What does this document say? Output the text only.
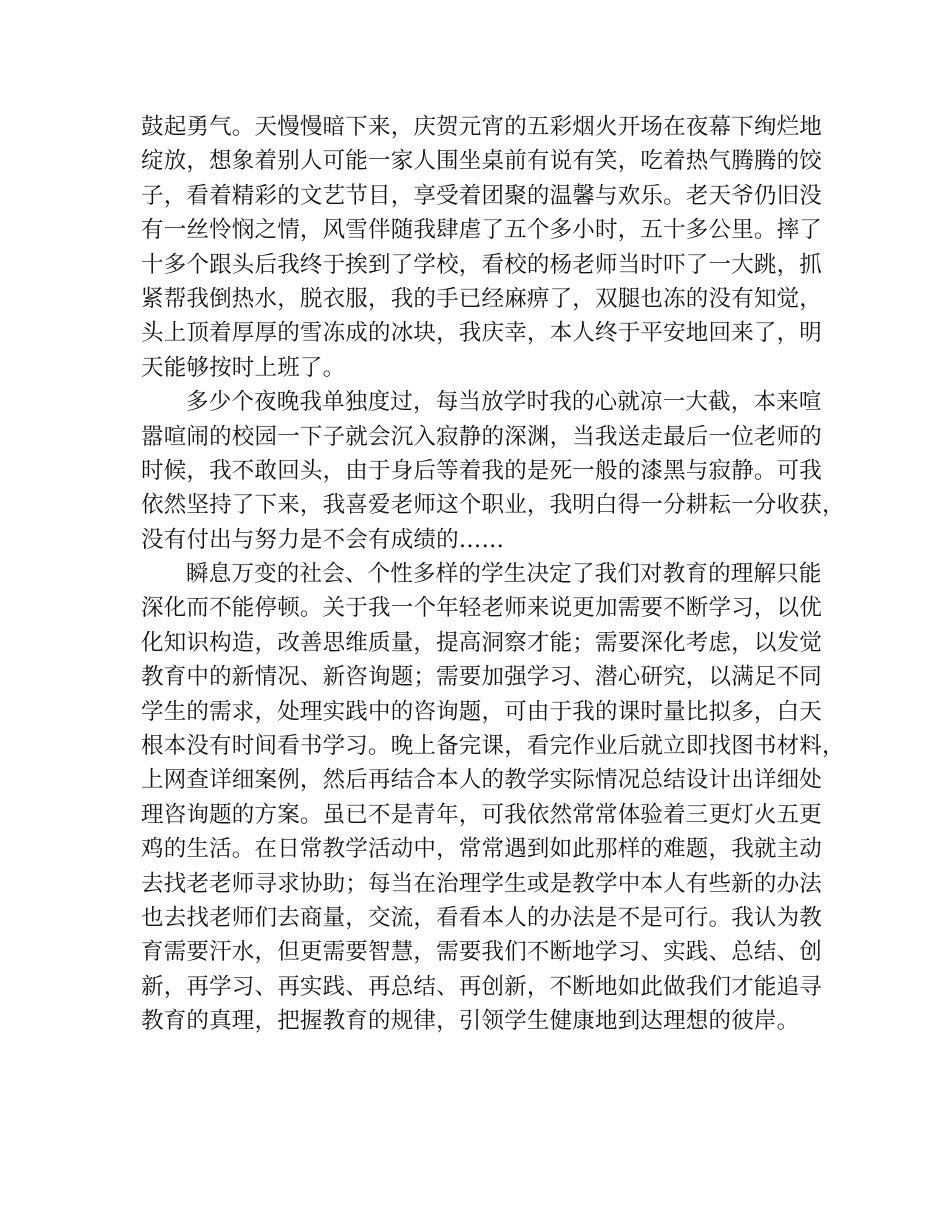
鼓起勇气。天慢慢暗下来，庆贺元宵的五彩烟火开场在夜幕下绚烂地
绽放，想象着别人可能一家人围坐桌前有说有笑，吃着热气腾腾的饺
子，看着精彩的文艺节目，享受着团聚的温馨与欢乐。老天爷仍旧没
有一丝怜悯之情，风雪伴随我肆虐了五个多小时，五十多公里。摔了
十多个跟头后我终于挨到了学校，看校的杨老师当时吓了一大跳，抓
紧帮我倒热水，脱衣服，我的手已经麻痹了，双腿也冻的没有知觉，
头上顶着厚厚的雪冻成的冰块，我庆幸，本人终于平安地回来了，明
天能够按时上班了。
多少个夜晚我单独度过，每当放学时我的心就凉一大截，本来喧
嚣喧闹的校园一下子就会沉入寂静的深渊，当我送走最后一位老师的
时候，我不敢回头，由于身后等着我的是死一般的漆黑与寂静。可我
依然坚持了下来，我喜爱老师这个职业，我明白得一分耕耘一分收获，
没有付出与努力是不会有成绩的……
瞬息万变的社会、个性多样的学生决定了我们对教育的理解只能
深化而不能停顿。关于我一个年轻老师来说更加需要不断学习，以优
化知识构造，改善思维质量，提高洞察才能；需要深化考虑，以发觉
教育中的新情况、新咨询题；需要加强学习、潜心研究，以满足不同
学生的需求，处理实践中的咨询题，可由于我的课时量比拟多，白天
根本没有时间看书学习。晚上备完课，看完作业后就立即找图书材料，
上网查详细案例，然后再结合本人的教学实际情况总结设计出详细处
理咨询题的方案。虽已不是青年，可我依然常常体验着三更灯火五更
鸡的生活。在日常教学活动中，常常遇到如此那样的难题，我就主动
去找老老师寻求协助；每当在治理学生或是教学中本人有些新的办法
也去找老师们去商量，交流，看看本人的办法是不是可行。我认为教
育需要汗水，但更需要智慧，需要我们不断地学习、实践、总结、创
新，再学习、再实践、再总结、再创新，不断地如此做我们才能追寻
教育的真理，把握教育的规律，引领学生健康地到达理想的彼岸。
